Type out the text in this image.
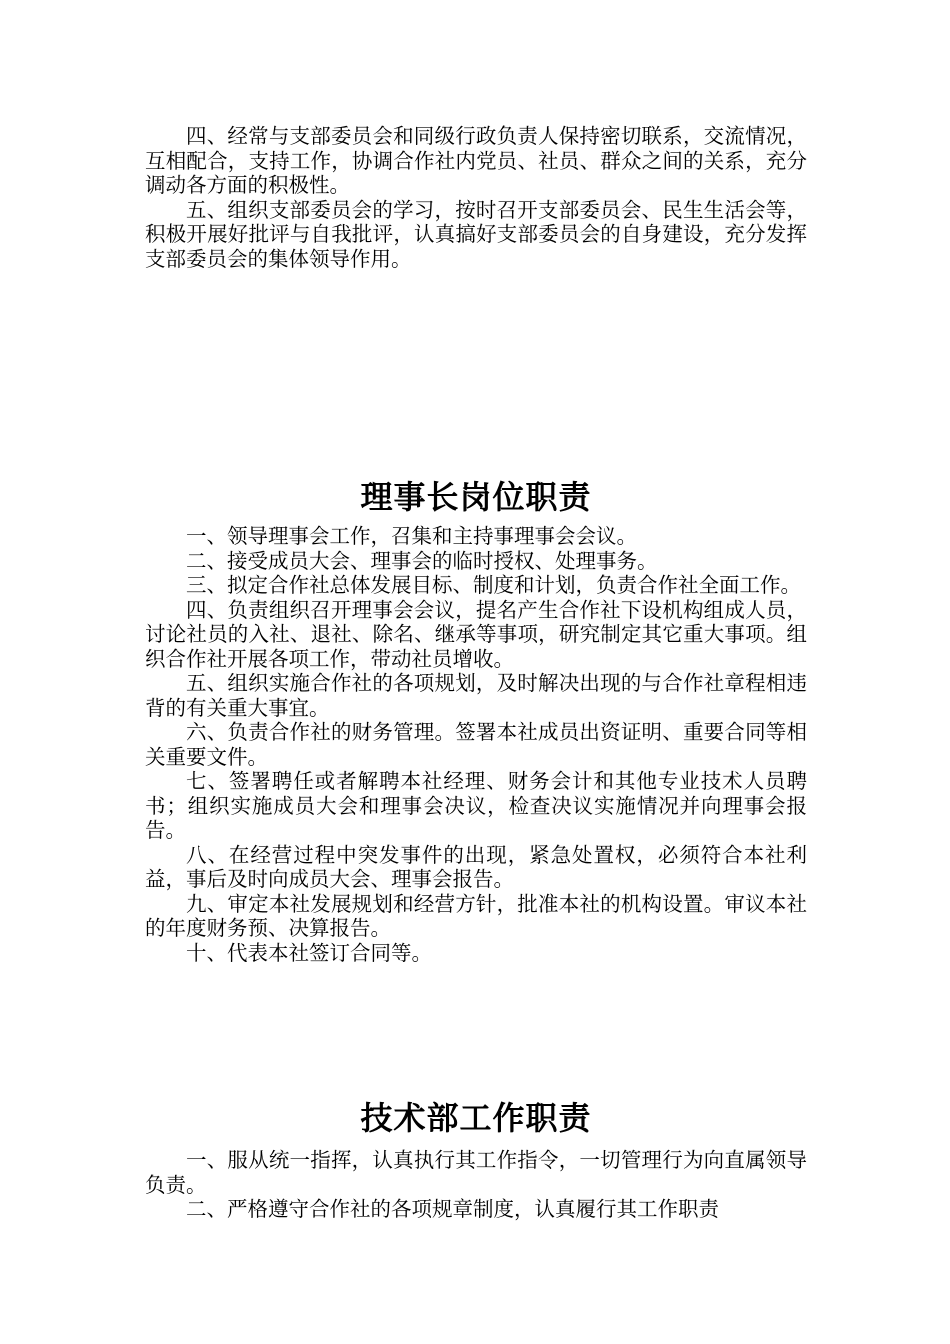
四、经常与支部委员会和同级行政负责人保持密切联系，交流情况，互相配合，支持工作，协调合作社内党员、社员、群众之间的关系，充分调动各方面的积极性。

五、组织支部委员会的学习，按时召开支部委员会、民生生活会等，积极开展好批评与自我批评，认真搞好支部委员会的自身建设，充分发挥支部委员会的集体领导作用。

理事长岗位职责

一、领导理事会工作，召集和主持事理事会会议。

二、接受成员大会、理事会的临时授权、处理事务。

三、拟定合作社总体发展目标、制度和计划，负责合作社全面工作。

四、负责组织召开理事会会议，提名产生合作社下设机构组成人员，讨论社员的入社、退社、除名、继承等事项，研究制定其它重大事项。组织合作社开展各项工作，带动社员增收。

五、组织实施合作社的各项规划，及时解决出现的与合作社章程相违背的有关重大事宜。

六、负责合作社的财务管理。签署本社成员出资证明、重要合同等相关重要文件。

七、签署聘任或者解聘本社经理、财务会计和其他专业技术人员聘书；组织实施成员大会和理事会决议，检查决议实施情况并向理事会报告。

八、在经营过程中突发事件的出现，紧急处置权，必须符合本社利益，事后及时向成员大会、理事会报告。

九、审定本社发展规划和经营方针，批准本社的机构设置。审议本社的年度财务预、决算报告。

十、代表本社签订合同等。

技术部工作职责

一、服从统一指挥，认真执行其工作指令，一切管理行为向直属领导负责。

二、严格遵守合作社的各项规章制度，认真履行其工作职责
